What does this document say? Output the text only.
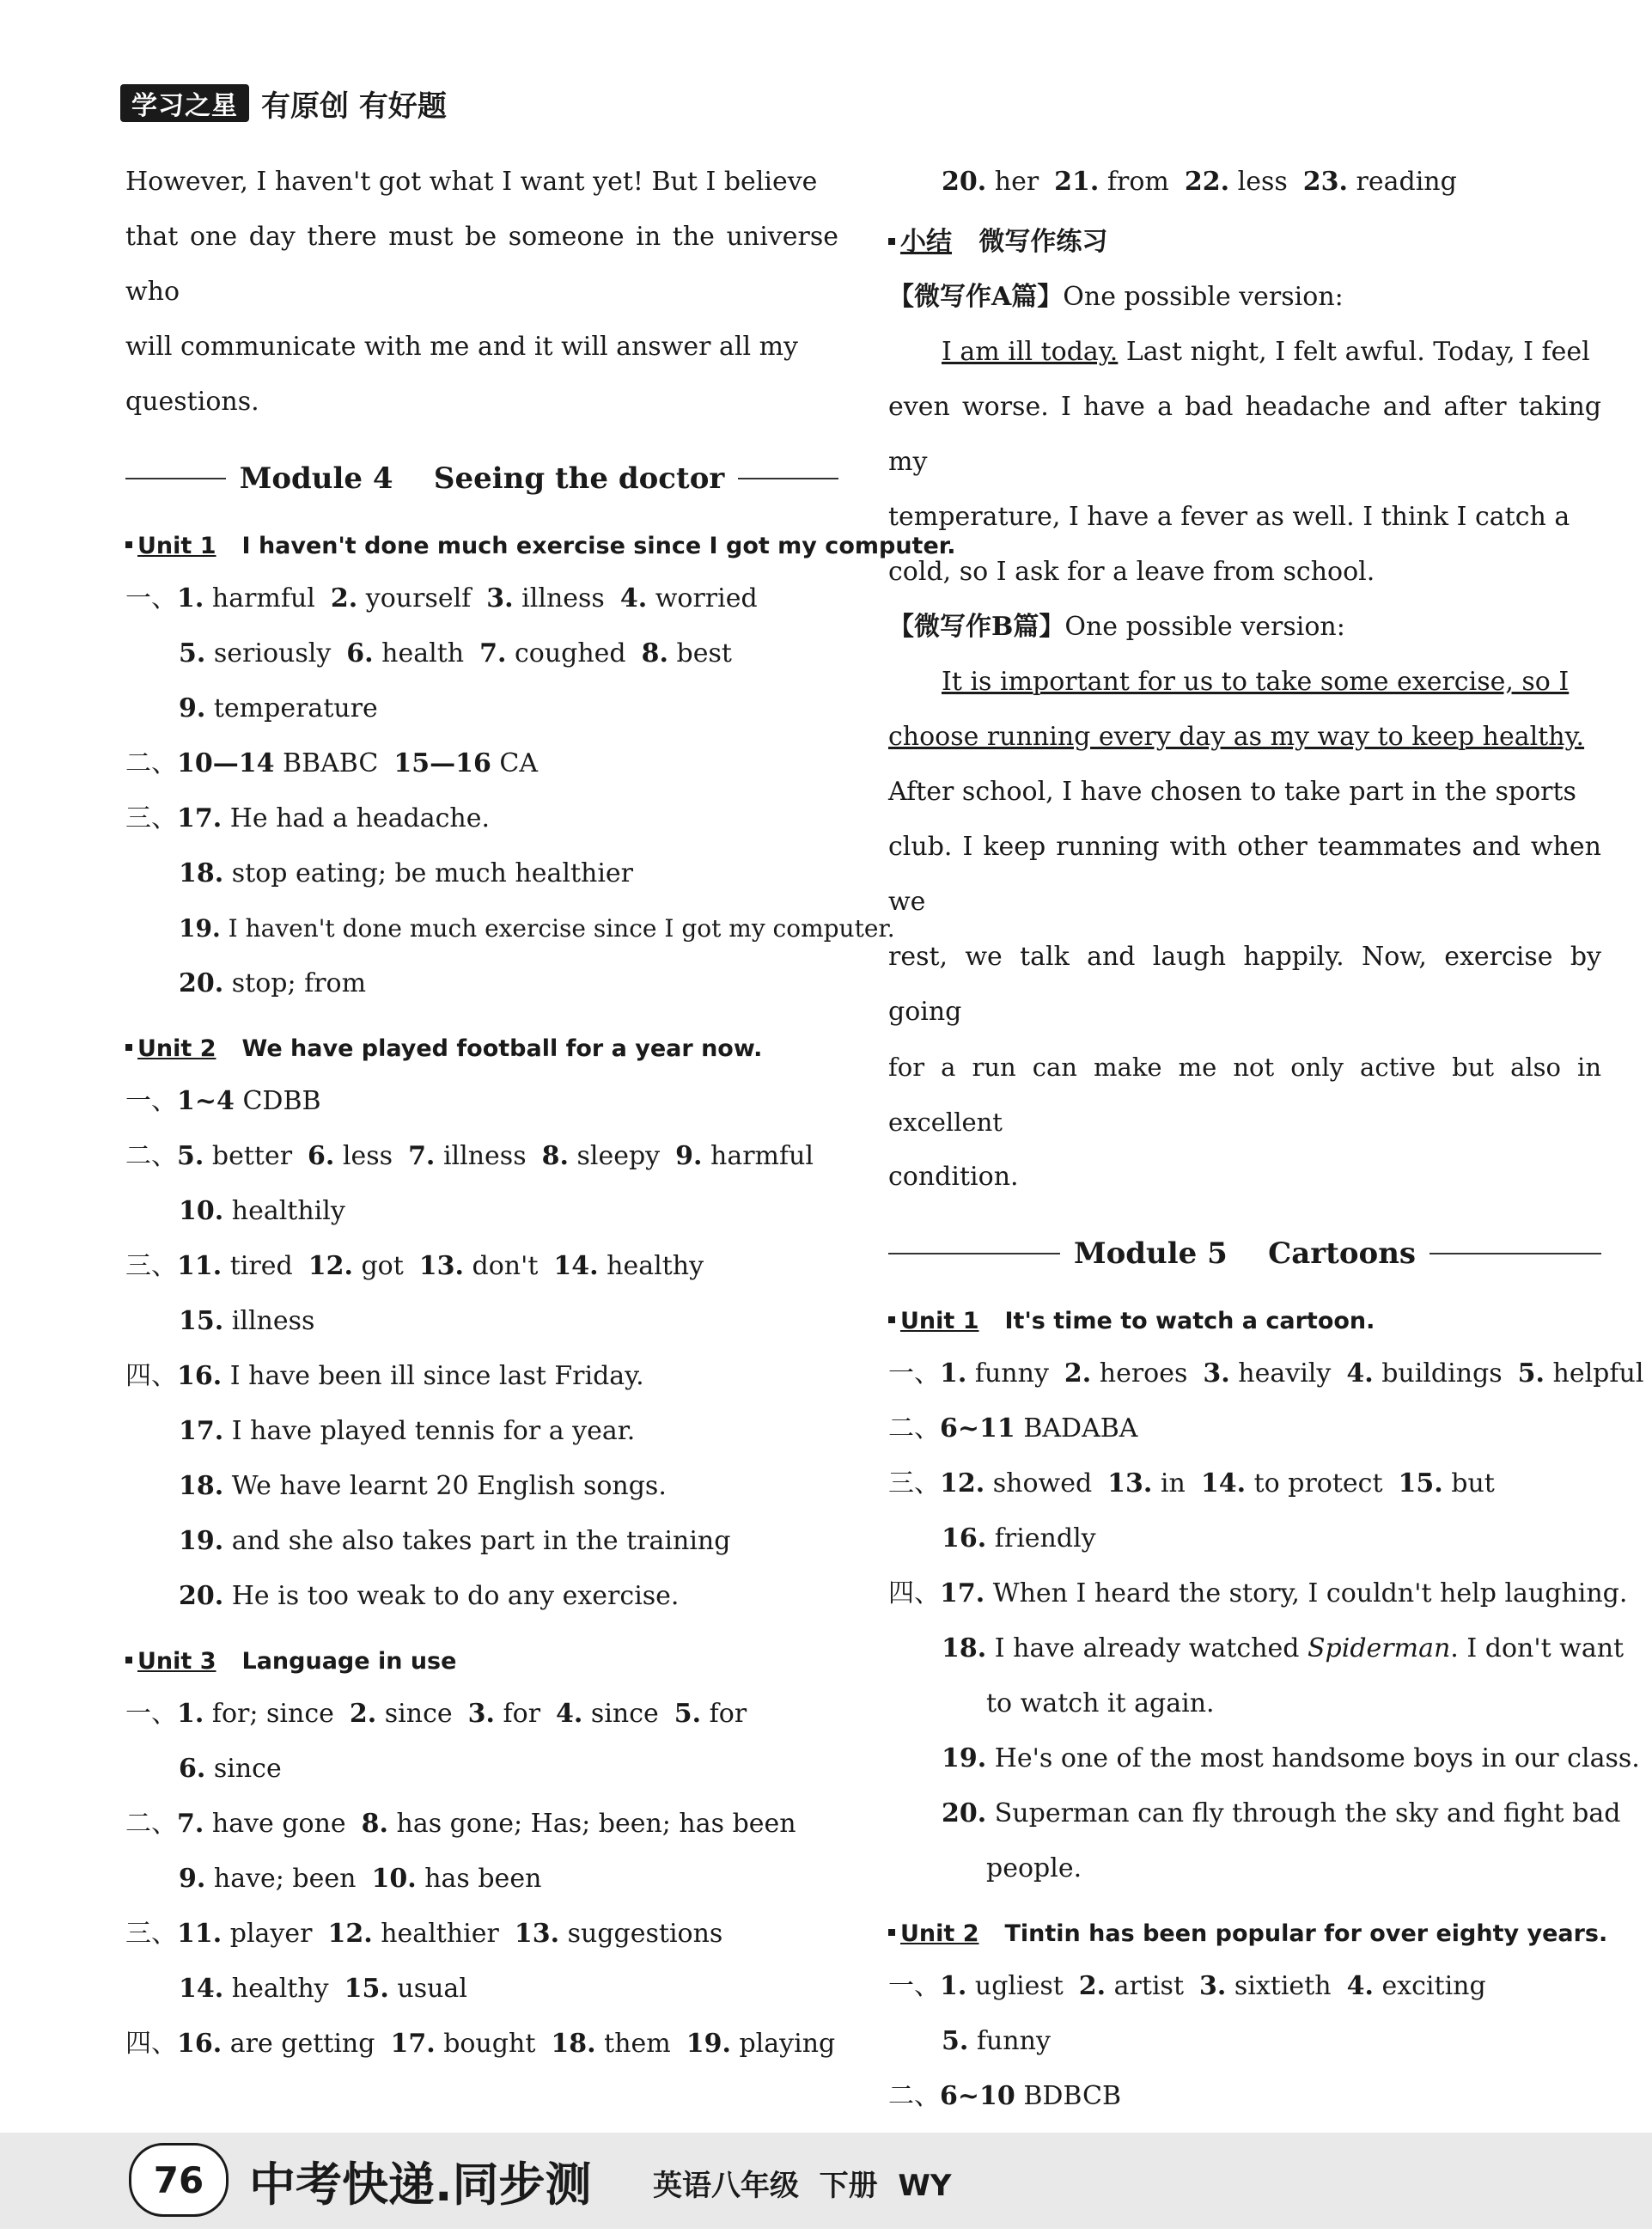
学习之星 有原创 有好题
However, I haven't got what I want yet! But I believe
that one day there must be someone in the universe who
will communicate with me and it will answer all my
questions.
Module 4    Seeing the doctor
Unit 1 I haven't done much exercise since I got my computer.
一、1. harmful 2. yourself 3. illness 4. worried
5. seriously 6. health 7. coughed 8. best
9. temperature
二、10—14 BBABC 15—16 CA
三、17. He had a headache.
18. stop eating; be much healthier
19. I haven't done much exercise since I got my computer.
20. stop; from
Unit 2 We have played football for a year now.
一、1~4 CDBB
二、5. better 6. less 7. illness 8. sleepy 9. harmful
10. healthily
三、11. tired 12. got 13. don't 14. healthy
15. illness
四、16. I have been ill since last Friday.
17. I have played tennis for a year.
18. We have learnt 20 English songs.
19. and she also takes part in the training
20. He is too weak to do any exercise.
Unit 3 Language in use
一、1. for; since 2. since 3. for 4. since 5. for
6. since
二、7. have gone 8. has gone; Has; been; has been
9. have; been 10. has been
三、11. player 12. healthier 13. suggestions
14. healthy 15. usual
四、16. are getting 17. bought 18. them 19. playing
20. her 21. from 22. less 23. reading
小结 微写作练习
【微写作A篇】One possible version:
I am ill today. Last night, I felt awful. Today, I feel
even worse. I have a bad headache and after taking my
temperature, I have a fever as well. I think I catch a
cold, so I ask for a leave from school.
【微写作B篇】One possible version:
It is important for us to take some exercise, so I
choose running every day as my way to keep healthy.
After school, I have chosen to take part in the sports
club. I keep running with other teammates and when we
rest, we talk and laugh happily. Now, exercise by going
for a run can make me not only active but also in excellent
condition.
Module 5    Cartoons
Unit 1 It's time to watch a cartoon.
一、1. funny 2. heroes 3. heavily 4. buildings 5. helpful
二、6~11 BADABA
三、12. showed 13. in 14. to protect 15. but
16. friendly
四、17. When I heard the story, I couldn't help laughing.
18. I have already watched Spiderman. I don't want
to watch it again.
19. He's one of the most handsome boys in our class.
20. Superman can fly through the sky and fight bad
people.
Unit 2 Tintin has been popular for over eighty years.
一、1. ugliest 2. artist 3. sixtieth 4. exciting
5. funny
二、6~10 BDBCB
76 中考快递.同步测 英语八年级  下册  WY
